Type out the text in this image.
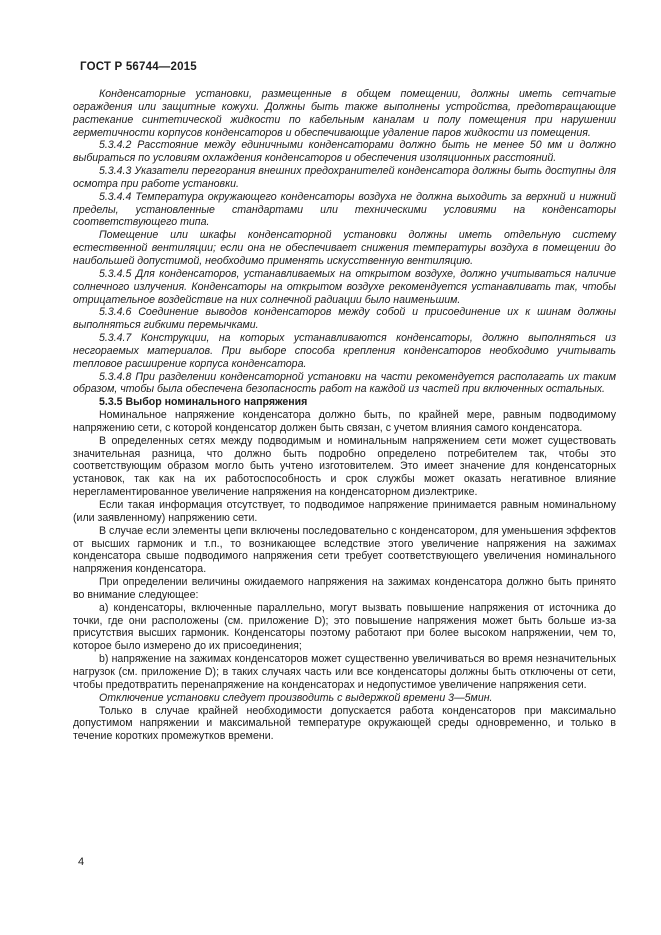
ГОСТ Р 56744—2015

Конденсаторные установки, размещенные в общем помещении, должны иметь сетчатые ограждения или защитные кожухи. Должны быть также выполнены устройства, предотвращающие растекание синтетической жидкости по кабельным каналам и полу помещения при нарушении герметичности корпусов конденсаторов и обеспечивающие удаление паров жидкости из помещения.

5.3.4.2 Расстояние между единичными конденсаторами должно быть не менее 50 мм и должно выбираться по условиям охлаждения конденсаторов и обеспечения изоляционных расстояний.

5.3.4.3 Указатели перегорания внешних предохранителей конденсатора должны быть доступны для осмотра при работе установки.

5.3.4.4 Температура окружающего конденсаторы воздуха не должна выходить за верхний и нижний пределы, установленные стандартами или техническими условиями на конденсаторы соответствующего типа.

Помещение или шкафы конденсаторной установки должны иметь отдельную систему естественной вентиляции; если она не обеспечивает снижения температуры воздуха в помещении до наибольшей допустимой, необходимо применять искусственную вентиляцию.

5.3.4.5 Для конденсаторов, устанавливаемых на открытом воздухе, должно учитываться наличие солнечного излучения. Конденсаторы на открытом воздухе рекомендуется устанавливать так, чтобы отрицательное воздействие на них солнечной радиации было наименьшим.

5.3.4.6 Соединение выводов конденсаторов между собой и присоединение их к шинам должны выполняться гибкими перемычками.

5.3.4.7 Конструкции, на которых устанавливаются конденсаторы, должно выполняться из несгораемых материалов. При выборе способа крепления конденсаторов необходимо учитывать тепловое расширение корпуса конденсатора.

5.3.4.8 При разделении конденсаторной установки на части рекомендуется располагать их таким образом, чтобы была обеспечена безопасность работ на каждой из частей при включенных остальных.

5.3.5 Выбор номинального напряжения

Номинальное напряжение конденсатора должно быть, по крайней мере, равным подводимому напряжению сети, с которой конденсатор должен быть связан, с учетом влияния самого конденсатора.

В определенных сетях между подводимым и номинальным напряжением сети может существовать значительная разница, что должно быть подробно определено потребителем так, чтобы это соответствующим образом могло быть учтено изготовителем. Это имеет значение для конденсаторных установок, так как на их работоспособность и срок службы может оказать негативное влияние нерегламентированное увеличение напряжения на конденсаторном диэлектрике.

Если такая информация отсутствует, то подводимое напряжение принимается равным номинальному (или заявленному) напряжению сети.

В случае если элементы цепи включены последовательно с конденсатором, для уменьшения эффектов от высших гармоник и т.п., то возникающее вследствие этого увеличение напряжения на зажимах конденсатора свыше подводимого напряжения сети требует соответствующего увеличения номинального напряжения конденсатора.

При определении величины ожидаемого напряжения на зажимах конденсатора должно быть принято во внимание следующее:

a) конденсаторы, включенные параллельно, могут вызвать повышение напряжения от источника до точки, где они расположены (см. приложение D); это повышение напряжения может быть больше из-за присутствия высших гармоник. Конденсаторы поэтому работают при более высоком напряжении, чем то, которое было измерено до их присоединения;

b) напряжение на зажимах конденсаторов может существенно увеличиваться во время незначительных нагрузок (см. приложение D); в таких случаях часть или все конденсаторы должны быть отключены от сети, чтобы предотвратить перенапряжение на конденсаторах и недопустимое увеличение напряжения сети.

Отключение установки следует производить с выдержкой времени 3—5мин.

Только в случае крайней необходимости допускается работа конденсаторов при максимально допустимом напряжении и максимальной температуре окружающей среды одновременно, и только в течение коротких промежутков времени.

4
